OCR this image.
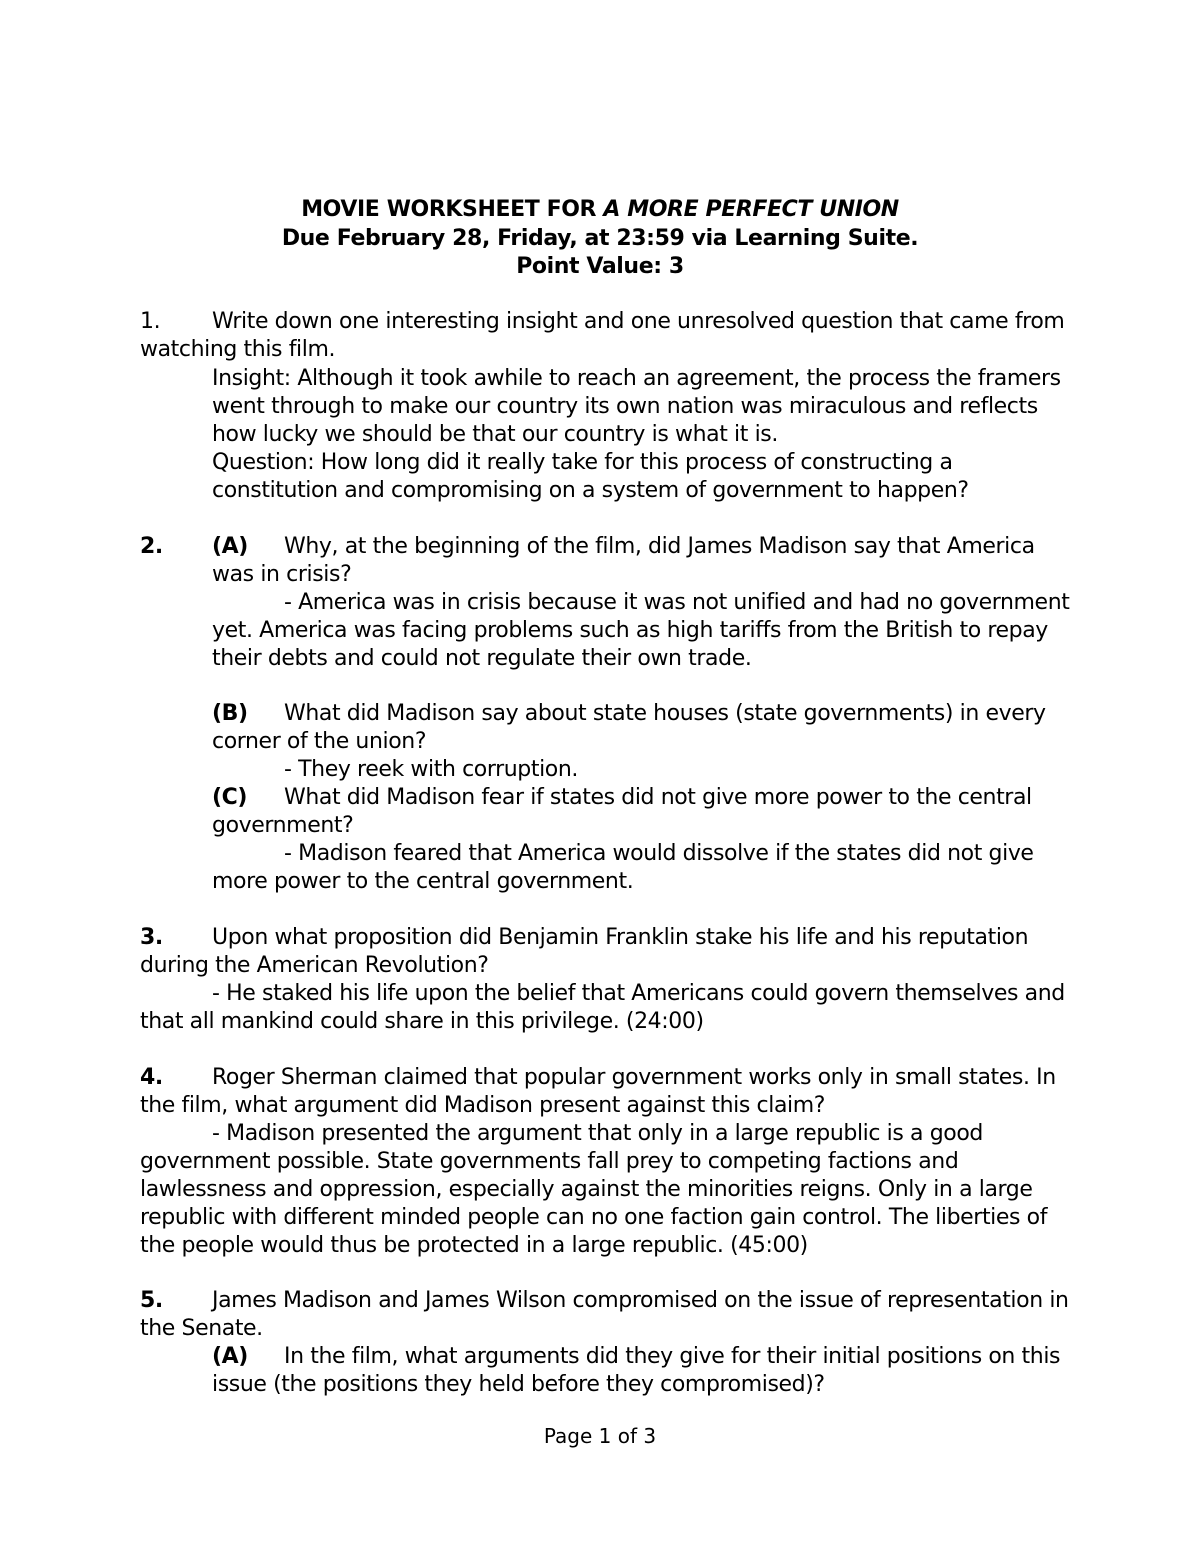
MOVIE WORKSHEET FOR A MORE PERFECT UNION

Due February 28, Friday, at 23:59 via Learning Suite.

Point Value: 3

1. Write down one interesting insight and one unresolved question that came from

watching this film.

Insight: Although it took awhile to reach an agreement, the process the framers

went through to make our country its own nation was miraculous and reflects

how lucky we should be that our country is what it is.

Question: How long did it really take for this process of constructing a

constitution and compromising on a system of government to happen?

2. (A) Why, at the beginning of the film, did James Madison say that America

was in crisis?

- America was in crisis because it was not unified and had no government

yet. America was facing problems such as high tariffs from the British to repay

their debts and could not regulate their own trade.

(B) What did Madison say about state houses (state governments) in every

corner of the union?

- They reek with corruption.

(C) What did Madison fear if states did not give more power to the central

government?

- Madison feared that America would dissolve if the states did not give

more power to the central government.

3. Upon what proposition did Benjamin Franklin stake his life and his reputation

during the American Revolution?

- He staked his life upon the belief that Americans could govern themselves and

that all mankind could share in this privilege. (24:00)

4. Roger Sherman claimed that popular government works only in small states. In

the film, what argument did Madison present against this claim?

- Madison presented the argument that only in a large republic is a good

government possible. State governments fall prey to competing factions and

lawlessness and oppression, especially against the minorities reigns. Only in a large

republic with different minded people can no one faction gain control. The liberties of

the people would thus be protected in a large republic. (45:00)

5. James Madison and James Wilson compromised on the issue of representation in

the Senate.

(A) In the film, what arguments did they give for their initial positions on this

issue (the positions they held before they compromised)?

Page 1 of 3
